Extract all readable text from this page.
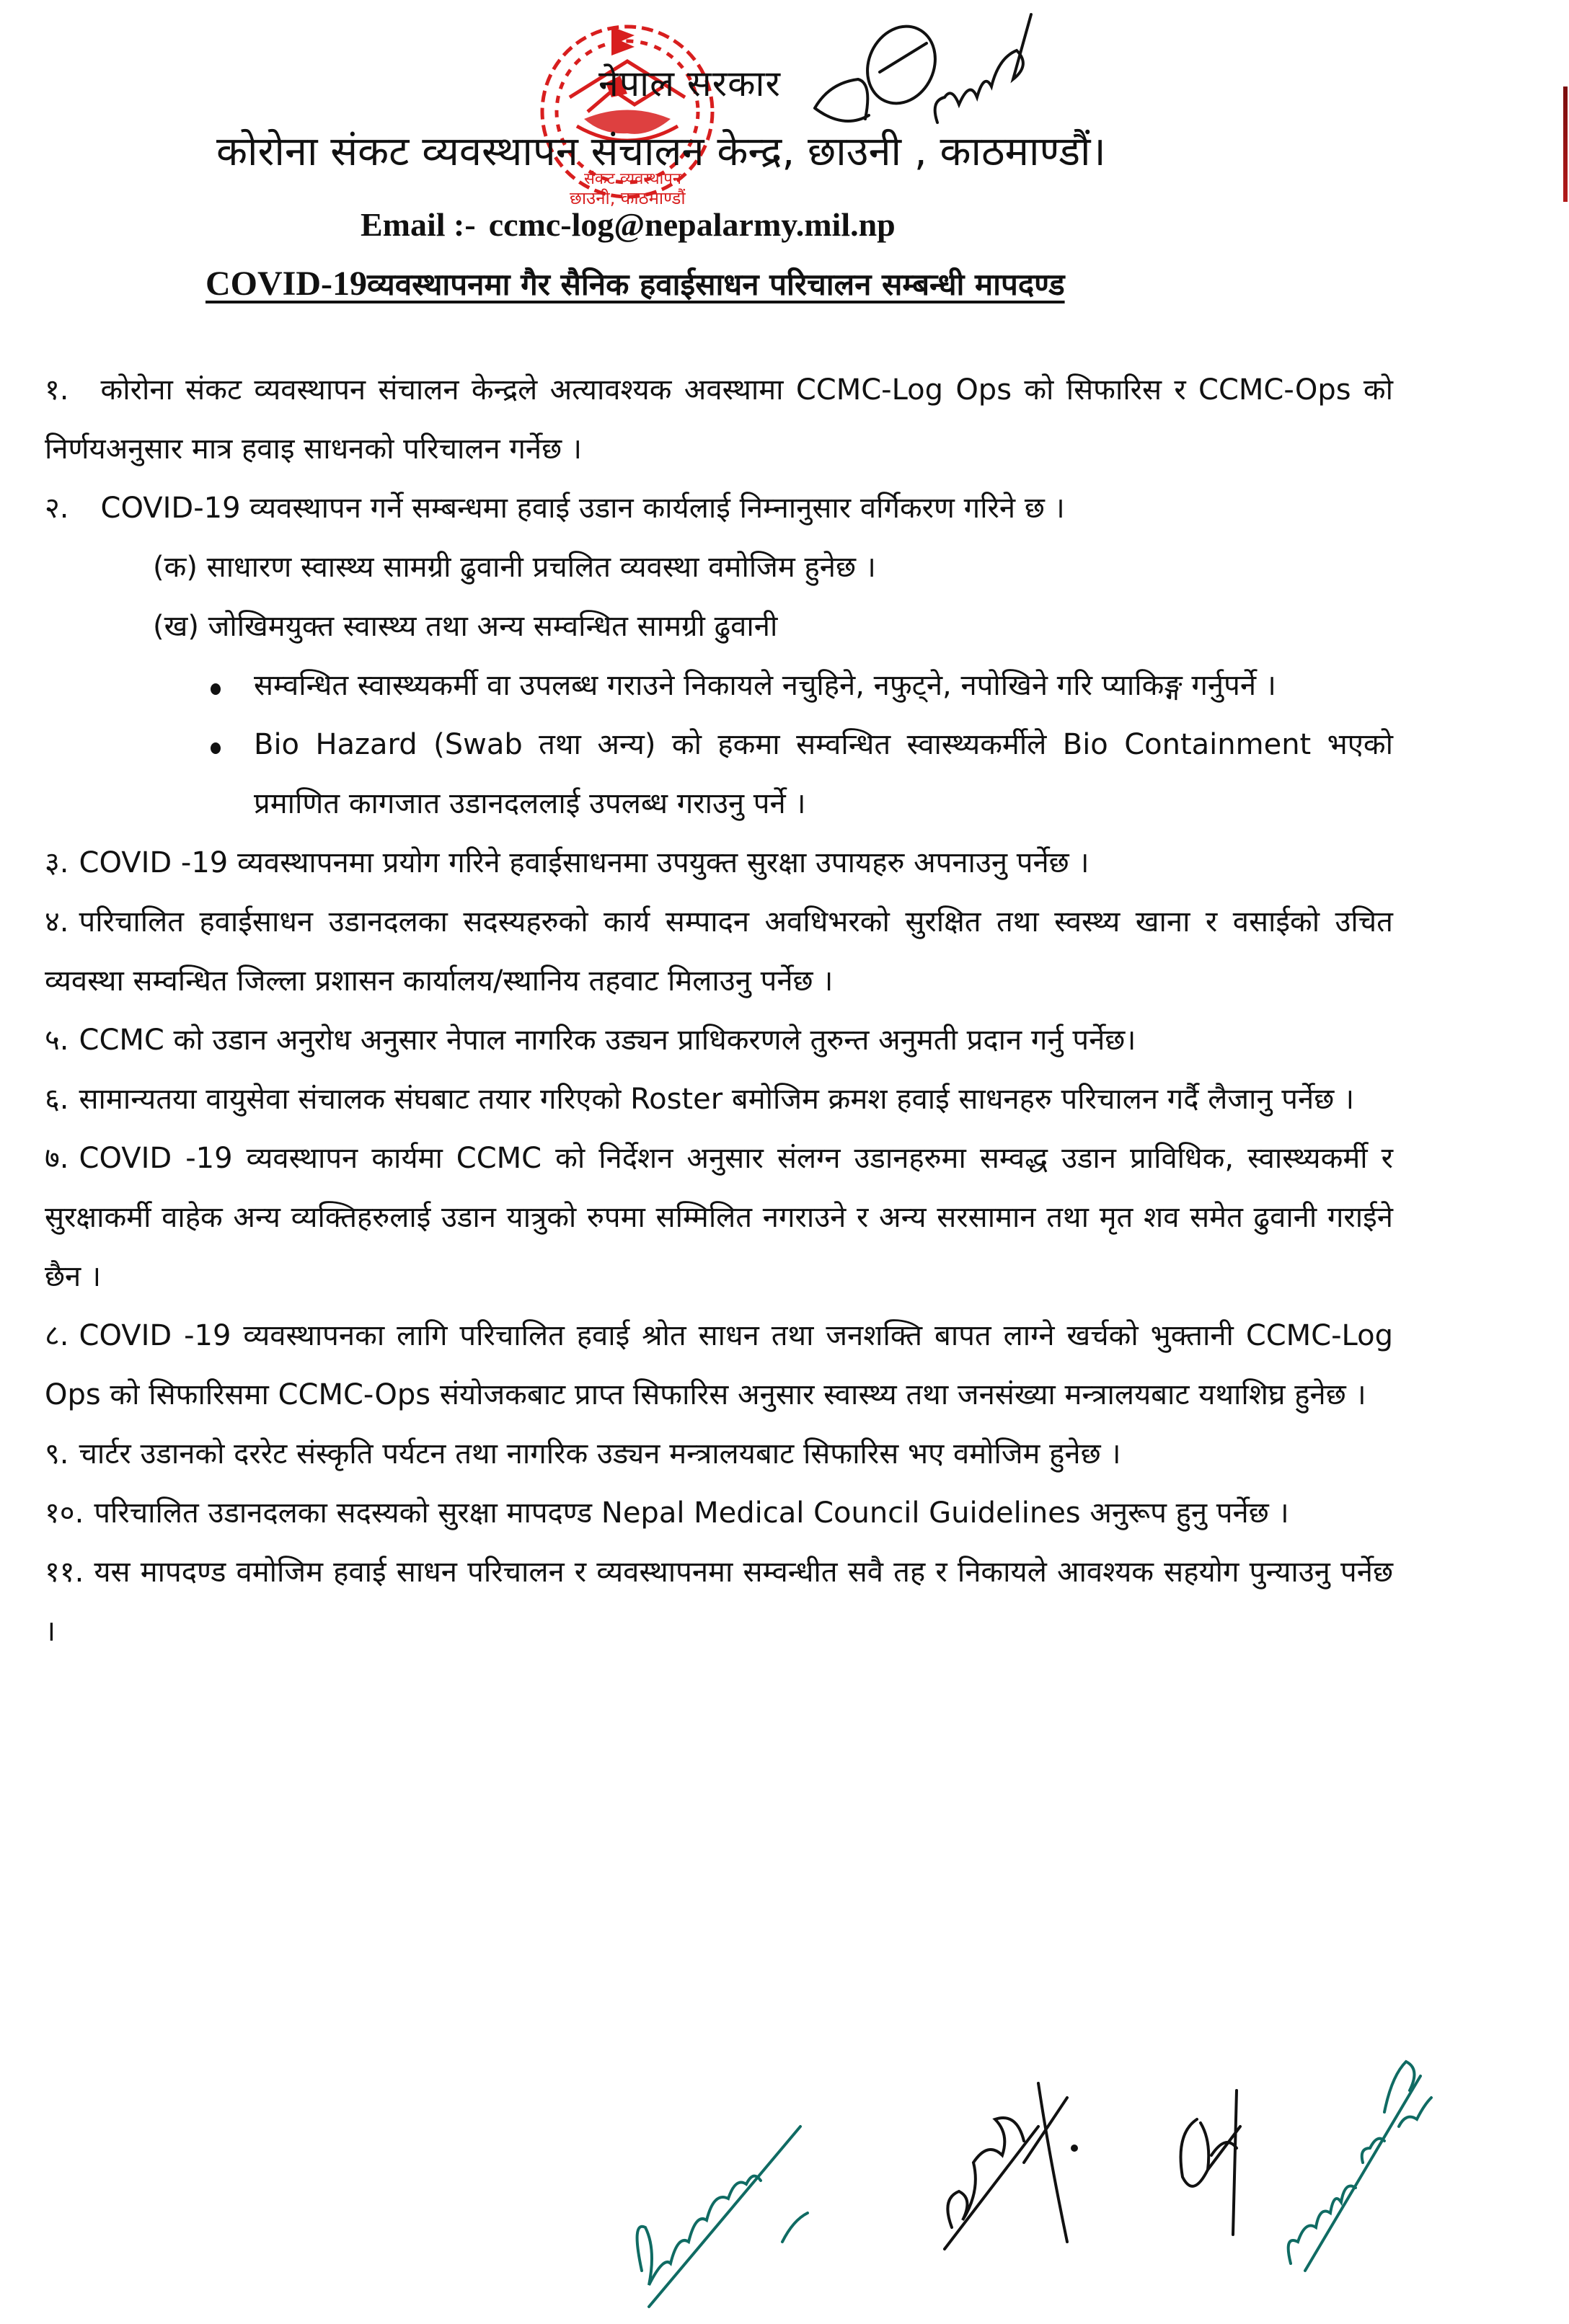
छाउनी, काठमाण्डौं
संकट व्यवस्थापन
नेपाल सरकार
कोरोना संकट व्यवस्थापन संचालन केन्द्र, छाउनी , काठमाण्डौं।
Email :- ccmc-log@nepalarmy.mil.np
COVID-19व्यवस्थापनमा गैर सैनिक हवाईसाधन परिचालन सम्बन्धी मापदण्ड

१. कोरोना संकट व्यवस्थापन संचालन केन्द्रले अत्यावश्यक अवस्थामा CCMC-Log Ops को सिफारिस र CCMC-Ops को निर्णयअनुसार मात्र हवाइ साधनको परिचालन गर्नेछ ।

२. COVID-19 व्यवस्थापन गर्ने सम्बन्धमा हवाई उडान कार्यलाई निम्नानुसार वर्गिकरण गरिने छ ।

(क) साधारण स्वास्थ्य सामग्री ढुवानी प्रचलित व्यवस्था वमोजिम हुनेछ ।

(ख) जोखिमयुक्त स्वास्थ्य तथा अन्य सम्वन्धित सामग्री ढुवानी

सम्वन्धित स्वास्थ्यकर्मी वा उपलब्ध गराउने निकायले नचुहिने, नफुट्ने, नपोखिने गरि प्याकिङ्ग गर्नुपर्ने ।
Bio Hazard (Swab तथा अन्य) को हकमा सम्वन्धित स्वास्थ्यकर्मीले Bio Containment भएको प्रमाणित कागजात उडानदललाई उपलब्ध गराउनु पर्ने ।

३. COVID -19 व्यवस्थापनमा प्रयोग गरिने हवाईसाधनमा उपयुक्त सुरक्षा उपायहरु अपनाउनु पर्नेछ ।

४. परिचालित हवाईसाधन उडानदलका सदस्यहरुको कार्य सम्पादन अवधिभरको सुरक्षित तथा स्वस्थ्य खाना र वसाईको उचित व्यवस्था सम्वन्धित जिल्ला प्रशासन कार्यालय/स्थानिय तहवाट मिलाउनु पर्नेछ ।

५. CCMC को उडान अनुरोध अनुसार नेपाल नागरिक उड्यन प्राधिकरणले तुरुन्त अनुमती प्रदान गर्नु पर्नेछ।

६. सामान्यतया वायुसेवा संचालक संघबाट तयार गरिएको Roster बमोजिम क्रमश हवाई साधनहरु परिचालन गर्दै लैजानु पर्नेछ ।

७. COVID -19 व्यवस्थापन कार्यमा CCMC को निर्देशन अनुसार संलग्न उडानहरुमा सम्वद्ध उडान प्राविधिक, स्वास्थ्यकर्मी र सुरक्षाकर्मी वाहेक अन्य व्यक्तिहरुलाई उडान यात्रुको रुपमा सम्मिलित नगराउने र अन्य सरसामान तथा मृत शव समेत ढुवानी गराईने छैन ।

८. COVID -19 व्यवस्थापनका लागि परिचालित हवाई श्रोत साधन तथा जनशक्ति बापत लाग्ने खर्चको भुक्तानी CCMC-Log Ops को सिफारिसमा CCMC-Ops संयोजकबाट प्राप्त सिफारिस अनुसार स्वास्थ्य तथा जनसंख्या मन्त्रालयबाट यथाशिघ्र हुनेछ ।

९. चार्टर उडानको दररेट संस्कृति पर्यटन तथा नागरिक उड्यन मन्त्रालयबाट सिफारिस भए वमोजिम हुनेछ ।

१०. परिचालित उडानदलका सदस्यको सुरक्षा मापदण्ड Nepal Medical Council Guidelines अनुरूप हुनु पर्नेछ ।

११. यस मापदण्ड वमोजिम हवाई साधन परिचालन र व्यवस्थापनमा सम्वन्धीत सवै तह र निकायले आवश्यक सहयोग पुन्याउनु पर्नेछ ।
